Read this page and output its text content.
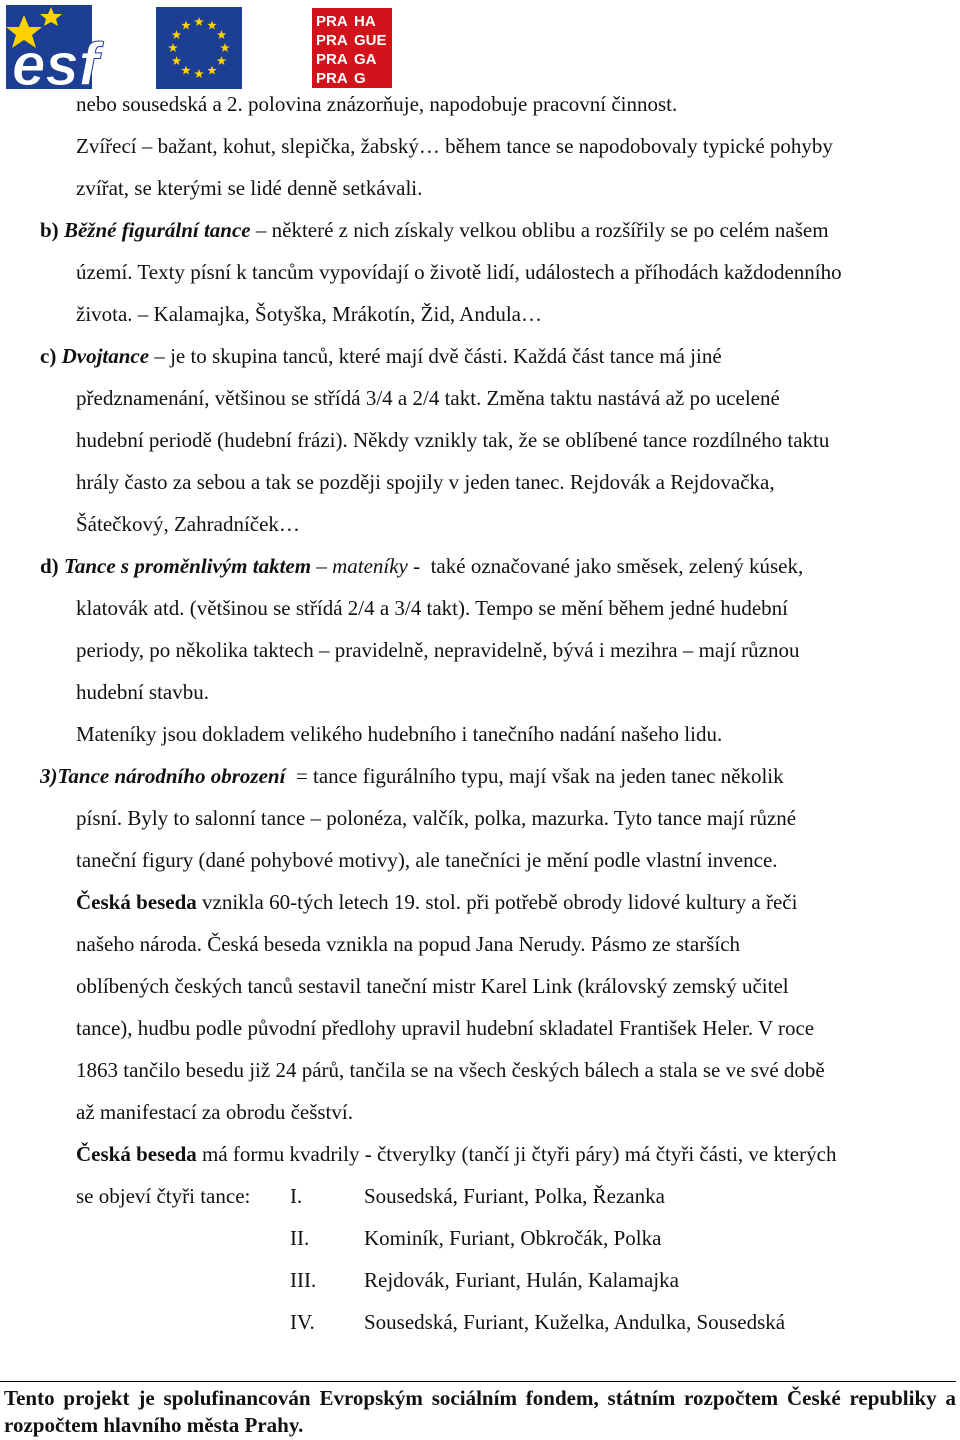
esf
PRA HA
PRA GUE
PRA GA
PRA G
nebo sousedská a 2. polovina znázorňuje, napodobuje pracovní činnost.
Zvířecí – bažant, kohut, slepička, žabský… během tance se napodobovaly typické pohyby
zvířat, se kterými se lidé denně setkávali.
b) Běžné figurální tance – některé z nich získaly velkou oblibu a rozšířily se po celém našem
území. Texty písní k tancům vypovídají o životě lidí, událostech a příhodách každodenního
života. – Kalamajka, Šotyška, Mrákotín, Žid, Andula…
c) Dvojtance – je to skupina tanců, které mají dvě části. Každá část tance má jiné
předznamenání, většinou se střídá 3/4 a 2/4 takt. Změna taktu nastává až po ucelené
hudební periodě (hudební frázi). Někdy vznikly tak, že se oblíbené tance rozdílného taktu
hrály často za sebou a tak se později spojily v jeden tanec. Rejdovák a Rejdovačka,
Šátečkový, Zahradníček…
d) Tance s proměnlivým taktem – mateníky -  také označované jako směsek, zelený kúsek,
klatovák atd. (většinou se střídá 2/4 a 3/4 takt). Tempo se mění během jedné hudební
periody, po několika taktech – pravidelně, nepravidelně, bývá i mezihra – mají různou
hudební stavbu.
Mateníky jsou dokladem velikého hudebního i tanečního nadání našeho lidu.
3)Tance národního obrození  = tance figurálního typu, mají však na jeden tanec několik
písní. Byly to salonní tance – polonéza, valčík, polka, mazurka. Tyto tance mají různé
taneční figury (dané pohybové motivy), ale tanečníci je mění podle vlastní invence.
Česká beseda vznikla 60-tých letech 19. stol. při potřebě obrody lidové kultury a řeči
našeho národa. Česká beseda vznikla na popud Jana Nerudy. Pásmo ze starších
oblíbených českých tanců sestavil taneční mistr Karel Link (královský zemský učitel
tance), hudbu podle původní předlohy upravil hudební skladatel František Heler. V roce
1863 tančilo besedu již 24 párů, tančila se na všech českých bálech a stala se ve své době
až manifestací za obrodu češství.
Česká beseda má formu kvadrily - čtverylky (tančí ji čtyři páry) má čtyři části, ve kterých
se objeví čtyři tance:	I.	Sousedská, Furiant, Polka, Řezanka
II.	Kominík, Furiant, Obkročák, Polka
III. Rejdovák, Furiant, Hulán, Kalamajka
IV. Sousedská, Furiant, Kuželka, Andulka, Sousedská
Tento projekt je spolufinancován Evropským sociálním fondem, státním rozpočtem České republiky a rozpočtem hlavního města Prahy.
